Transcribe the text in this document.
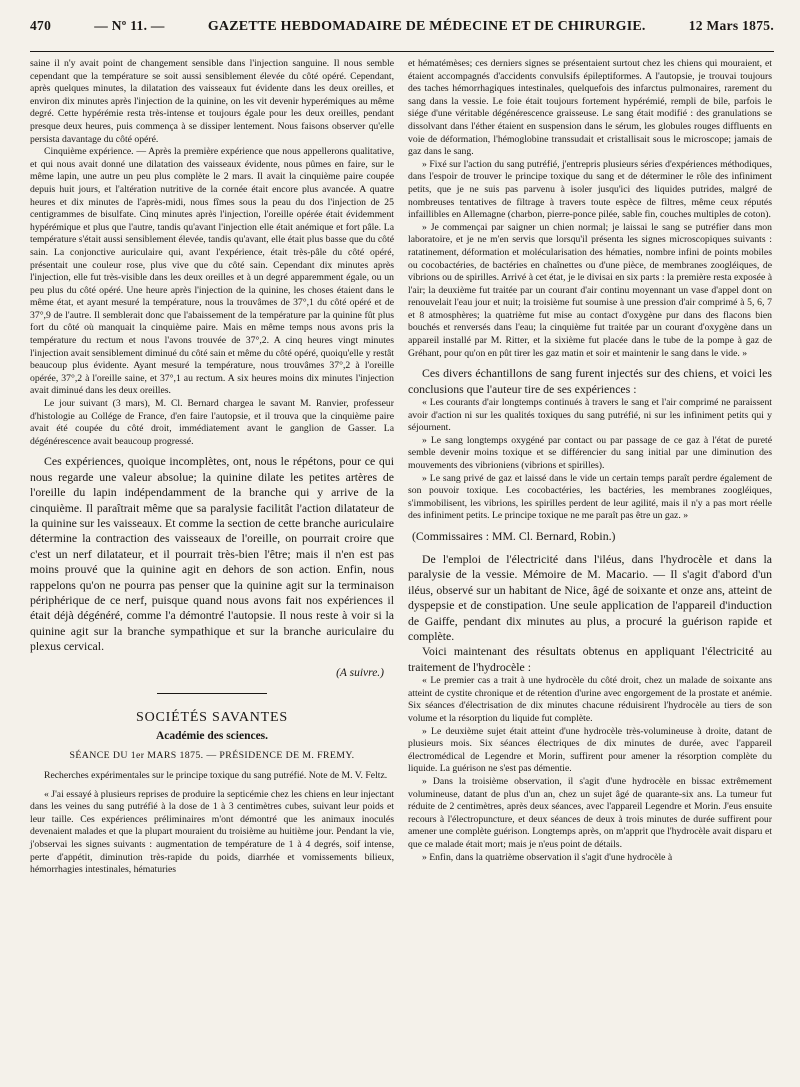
470	— Nº 11. —	GAZETTE HEBDOMADAIRE DE MÉDECINE ET DE CHIRURGIE.	12 Mars 1875.

saine il n'y avait point de changement sensible dans l'injection sanguine. Il nous semble cependant que la température se soit aussi sensiblement élevée du côté opéré. Cependant, après quelques minutes, la dilatation des vaisseaux fut évidente dans les deux oreilles, et environ dix minutes après l'injection de la quinine, on les vit devenir hyperémiques au même degré. Cette hypérémie resta très-intense et toujours égale pour les deux oreilles, pendant presque deux heures, puis commença à se dissiper lentement. Nous faisons observer qu'elle persista davantage du côté opéré.

Cinquième expérience. — Après la première expérience que nous appellerons qualitative, et qui nous avait donné une dilatation des vaisseaux évidente, nous pûmes en faire, sur le même lapin, une autre un peu plus complète le 2 mars. Il avait la cinquième paire coupée depuis huit jours, et l'altération nutritive de la cornée était encore plus avancée. A quatre heures et dix minutes de l'après-midi, nous fîmes sous la peau du dos l'injection de 25 centigrammes de bisulfate. Cinq minutes après l'injection, l'oreille opérée était évidemment hypérémique et plus que l'autre, tandis qu'avant l'injection elle était anémique et fort pâle. La température s'était aussi sensiblement élevée, tandis qu'avant, elle était plus basse que du côté sain. La conjonctive auriculaire qui, avant l'expérience, était très-pâle du côté opéré, présentait une couleur rose, plus vive que du côté sain. Cependant dix minutes après l'injection, elle fut très-visible dans les deux oreilles et à un degré apparemment égale, ou un peu plus du côté opéré. Une heure après l'injection de la quinine, les choses étaient dans le même état, et ayant mesuré la température, nous la trouvâmes de 37°,1 du côté opéré et de 37°,9 de l'autre. Il semblerait donc que l'abaissement de la température par la quinine fût plus fort du côté où manquait la cinquième paire. Mais en même temps nous avons pris la température du rectum et nous l'avons trouvée de 37°,2. A cinq heures vingt minutes l'injection avait sensiblement diminué du côté sain et même du côté opéré, quoiqu'elle y restât beaucoup plus évidente. Ayant mesuré la température, nous trouvâmes 37°,2 à l'oreille opérée, 37°,2 à l'oreille saine, et 37°,1 au rectum. A six heures moins dix minutes l'injection avait diminué dans les deux oreilles.

Le jour suivant (3 mars), M. Cl. Bernard chargea le savant M. Ranvier, professeur d'histologie au Collége de France, d'en faire l'autopsie, et il trouva que la cinquième paire avait été coupée du côté droit, immédiatement avant le ganglion de Gasser. La dégénérescence avait beaucoup progressé.

Ces expériences, quoique incomplètes, ont, nous le répétons, pour ce qui nous regarde une valeur absolue; la quinine dilate les petites artères de l'oreille du lapin indépendamment de la branche qui y arrive de la cinquième. Il paraîtrait même que sa paralysie facilitât l'action dilatateur de la quinine sur les vaisseaux. Et comme la section de cette branche auriculaire détermine la contraction des vaisseaux de l'oreille, on pourrait croire que c'est un nerf dilatateur, et il pourrait très-bien l'être; mais il n'en est pas moins prouvé que la quinine agit en dehors de son action. Enfin, nous rappelons qu'on ne pourra pas penser que la quinine agit sur la terminaison périphérique de ce nerf, puisque quand nous avons fait nos expériences il était déjà dégénéré, comme l'a démontré l'autopsie. Il nous reste à voir si la quinine agit sur la branche sympathique et sur la branche auriculaire du plexus cervical.

(A suivre.)
SOCIÉTÉS SAVANTES
Académie des sciences.
SÉANCE DU 1er MARS 1875. — PRÉSIDENCE DE M. FREMY.

Recherches expérimentales sur le principe toxique du sang putréfié. Note de M. V. Feltz.

« J'ai essayé à plusieurs reprises de produire la septicémie chez les chiens en leur injectant dans les veines du sang putréfié à la dose de 1 à 3 centimètres cubes, suivant leur poids et leur taille. Ces expériences préliminaires m'ont démontré que les animaux inoculés devenaient malades et que la plupart mouraient du troisième au huitième jour. Pendant la vie, j'observai les signes suivants : augmentation de température de 1 à 4 degrés, soif intense, perte d'appétit, diminution très-rapide du poids, diarrhée et vomissements bilieux, hémorrhagies intestinales, hématuries

et hématémèses; ces derniers signes se présentaient surtout chez les chiens qui mouraient, et étaient accompagnés d'accidents convulsifs épileptiformes. A l'autopsie, je trouvai toujours des taches hémorrhagiques intestinales, quelquefois des infarctus pulmonaires, rarement du sang dans la vessie. Le foie était toujours fortement hypérémié, rempli de bile, parfois le siége d'une véritable dégénérescence graisseuse. Le sang était modifié : des granulations se dissolvant dans l'éther étaient en suspension dans le sérum, les globules rouges diffluents en voie de déformation, l'hémoglobine transsudait et cristallisait sous le microscope; jamais de gaz dans le sang.

» Fixé sur l'action du sang putréfié, j'entrepris plusieurs séries d'expériences méthodiques, dans l'espoir de trouver le principe toxique du sang et de déterminer le rôle des infiniment petits, que je ne suis pas parvenu à isoler jusqu'ici des liquides putrides, malgré de nombreuses tentatives de filtrage à travers toute espèce de filtres, même ceux réputés infaillibles en Allemagne (charbon, pierre-ponce pilée, sable fin, couches multiples de coton).

» Je commençai par saigner un chien normal; je laissai le sang se putréfier dans mon laboratoire, et je ne m'en servis que lorsqu'il présenta les signes microscopiques suivants : ratatinement, déformation et molécularisation des hématies, nombre infini de points mobiles ou cocobactéries, de bactéries en chaînettes ou d'une pièce, de membranes zoogléiques, de vibrions ou de spirilles. Arrivé à cet état, je le divisai en six parts : la première resta exposée à l'air; la deuxième fut traitée par un courant d'air continu moyennant un vase d'appel dont on renouvelait l'eau jour et nuit; la troisième fut soumise à une pression d'air comprimé à 5, 6, 7 et 8 atmosphères; la quatrième fut mise au contact d'oxygène pur dans des flacons bien bouchés et renversés dans l'eau; la cinquième fut traitée par un courant d'oxygène dans un appareil installé par M. Ritter, et la sixième fut placée dans le tube de la pompe à gaz de Gréhant, pour qu'on en pût tirer les gaz matin et soir et maintenir le sang dans le vide. »

Ces divers échantillons de sang furent injectés sur des chiens, et voici les conclusions que l'auteur tire de ses expériences :

« Les courants d'air longtemps continués à travers le sang et l'air comprimé ne paraissent avoir d'action ni sur les qualités toxiques du sang putréfié, ni sur les infiniment petits qui y séjournent.

» Le sang longtemps oxygéné par contact ou par passage de ce gaz à l'état de pureté semble devenir moins toxique et se différencier du sang initial par une diminution des mouvements des vibrioniens (vibrions et spirilles).

» Le sang privé de gaz et laissé dans le vide un certain temps paraît perdre également de son pouvoir toxique. Les cocobactéries, les bactéries, les membranes zoogléiques, s'immobilisent, les vibrions, les spirilles perdent de leur agilité, mais il n'y a pas mort réelle des infiniment petits. Le principe toxique ne me paraît pas être un gaz. »

(Commissaires : MM. Cl. Bernard, Robin.)

De l'emploi de l'électricité dans l'iléus, dans l'hydrocèle et dans la paralysie de la vessie. Mémoire de M. Macario. — Il s'agit d'abord d'un iléus, observé sur un habitant de Nice, âgé de soixante et onze ans, atteint de dyspepsie et de constipation. Une seule application de l'appareil d'induction de Gaiffe, pendant dix minutes au plus, a procuré la guérison rapide et complète.

Voici maintenant des résultats obtenus en appliquant l'électricité au traitement de l'hydrocèle :

« Le premier cas a trait à une hydrocèle du côté droit, chez un malade de soixante ans atteint de cystite chronique et de rétention d'urine avec engorgement de la prostate et anémie. Six séances d'électrisation de dix minutes chacune réduisirent l'hydrocèle au tiers de son volume et la résorption du liquide fut complète.

» Le deuxième sujet était atteint d'une hydrocèle très-volumineuse à droite, datant de plusieurs mois. Six séances électriques de dix minutes de durée, avec l'appareil électromédical de Legendre et Morin, suffirent pour amener la résorption complète du liquide. La guérison ne s'est pas démentie.

» Dans la troisième observation, il s'agit d'une hydrocèle en bissac extrêmement volumineuse, datant de plus d'un an, chez un sujet âgé de quarante-six ans. La tumeur fut réduite de 2 centimètres, après deux séances, avec l'appareil Legendre et Morin. J'eus ensuite recours à l'électropuncture, et deux séances de deux à trois minutes de durée suffirent pour amener une complète guérison. Longtemps après, on m'apprit que l'hydrocèle avait disparu et que ce malade était mort; mais je n'eus point de détails.

» Enfin, dans la quatrième observation il s'agit d'une hydrocèle à
